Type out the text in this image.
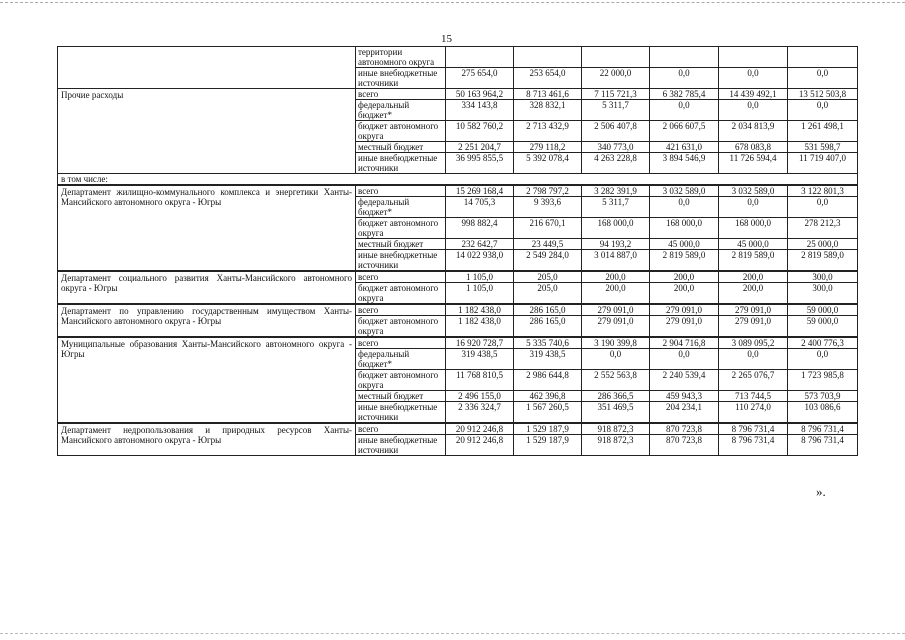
15
	территории автономного округа						
	иные внебюджетные источники	275 654,0	253 654,0	22 000,0	0,0	0,0	0,0
Прочие расходы	всего	50 163 964,2	8 713 461,6	7 115 721,3	6 382 785,4	14 439 492,1	13 512 503,8
	федеральный бюджет*	334 143,8	328 832,1	5 311,7	0,0	0,0	0,0
	бюджет автономного округа	10 582 760,2	2 713 432,9	2 506 407,8	2 066 607,5	2 034 813,9	1 261 498,1
	местный бюджет	2 251 204,7	279 118,2	340 773,0	421 631,0	678 083,8	531 598,7
	иные внебюджетные источники	36 995 855,5	5 392 078,4	4 263 228,8	3 894 546,9	11 726 594,4	11 719 407,0
в том числе:							
Департамент жилищно-коммунального комплекса и энергетики Ханты-Мансийского автономного округа - Югры	всего	15 269 168,4	2 798 797,2	3 282 391,9	3 032 589,0	3 032 589,0	3 122 801,3
	федеральный бюджет*	14 705,3	9 393,6	5 311,7	0,0	0,0	0,0
	бюджет автономного округа	998 882,4	216 670,1	168 000,0	168 000,0	168 000,0	278 212,3
	местный бюджет	232 642,7	23 449,5	94 193,2	45 000,0	45 000,0	25 000,0
	иные внебюджетные источники	14 022 938,0	2 549 284,0	3 014 887,0	2 819 589,0	2 819 589,0	2 819 589,0
Департамент социального развития Ханты-Мансийского автономного округа - Югры	всего	1 105,0	205,0	200,0	200,0	200,0	300,0
	бюджет автономного округа	1 105,0	205,0	200,0	200,0	200,0	300,0
Департамент по управлению государственным имуществом Ханты-Мансийского автономного округа - Югры	всего	1 182 438,0	286 165,0	279 091,0	279 091,0	279 091,0	59 000,0
	бюджет автономного округа	1 182 438,0	286 165,0	279 091,0	279 091,0	279 091,0	59 000,0
Муниципальные образования Ханты-Мансийского автономного округа - Югры	всего	16 920 728,7	5 335 740,6	3 190 399,8	2 904 716,8	3 089 095,2	2 400 776,3
	федеральный бюджет*	319 438,5	319 438,5	0,0	0,0	0,0	0,0
	бюджет автономного округа	11 768 810,5	2 986 644,8	2 552 563,8	2 240 539,4	2 265 076,7	1 723 985,8
	местный бюджет	2 496 155,0	462 396,8	286 366,5	459 943,3	713 744,5	573 703,9
	иные внебюджетные источники	2 336 324,7	1 567 260,5	351 469,5	204 234,1	110 274,0	103 086,6
Департамент недропользования и природных ресурсов Ханты-Мансийского автономного округа - Югры	всего	20 912 246,8	1 529 187,9	918 872,3	870 723,8	8 796 731,4	8 796 731,4
	иные внебюджетные источники	20 912 246,8	1 529 187,9	918 872,3	870 723,8	8 796 731,4	8 796 731,4
».
